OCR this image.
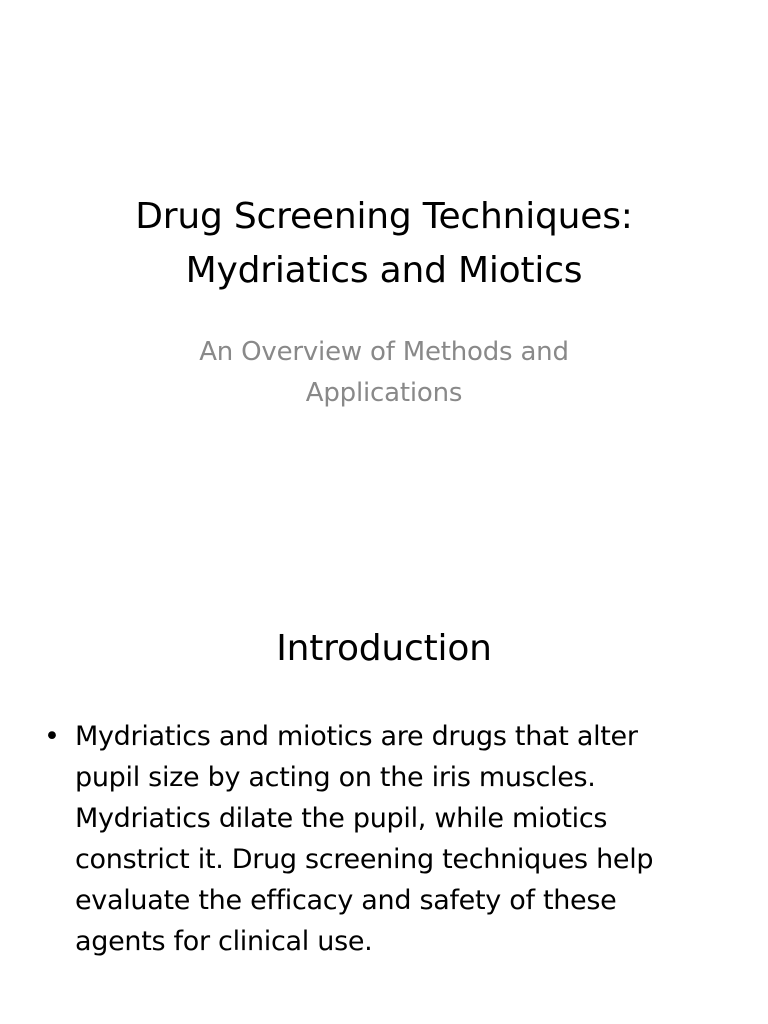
Drug Screening Techniques:
Mydriatics and Miotics
An Overview of Methods and
Applications
Introduction
• Mydriatics and miotics are drugs that alter pupil size by acting on the iris muscles. Mydriatics dilate the pupil, while miotics constrict it. Drug screening techniques help evaluate the efficacy and safety of these agents for clinical use.
